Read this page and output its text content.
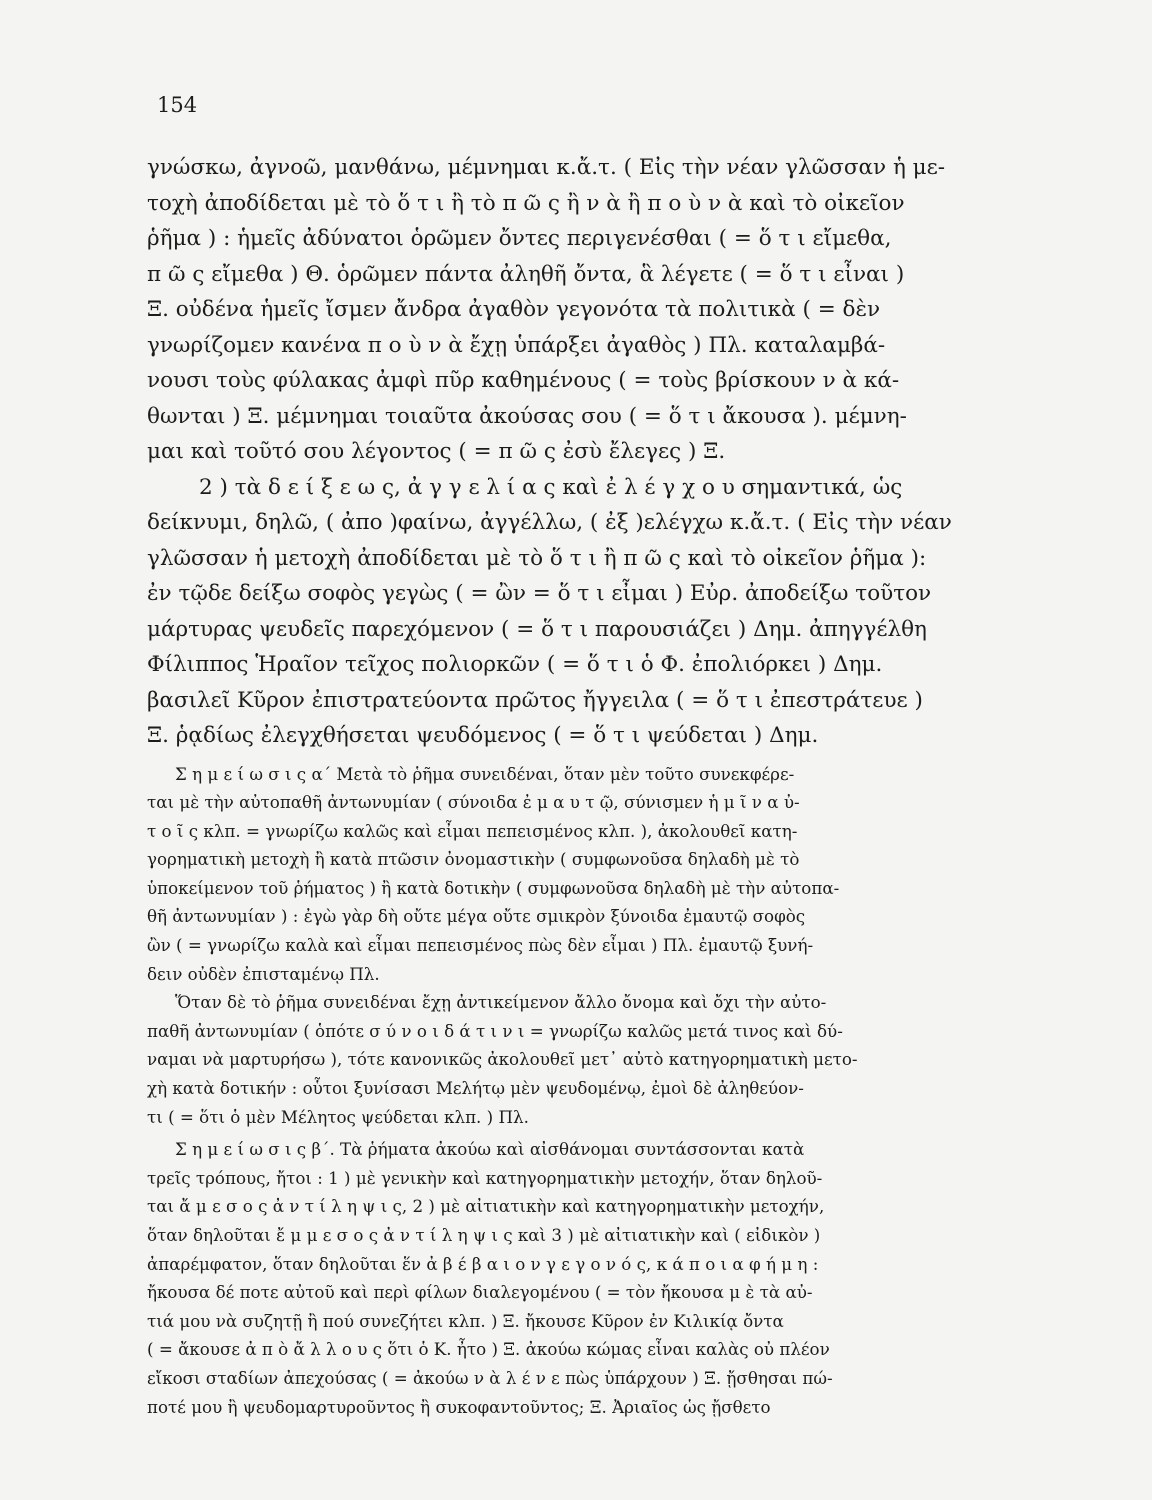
154
γνώσκω, ἀγνοῶ, μανθάνω, μέμνημαι κ.ἄ.τ. ( Εἰς τὴν νέαν γλῶσσαν ἡ με-
τοχὴ ἀποδίδεται μὲ τὸ ὅ τ ι ἢ τὸ π ῶ ς ἢ ν ὰ ἢ π ο ὺ ν ὰ καὶ τὸ οἰκεῖον
ῥῆμα ) : ἡμεῖς ἀδύνατοι ὁρῶμεν ὄντες περιγενέσθαι ( = ὅ τ ι εἴμεθα,
π ῶ ς εἴμεθα ) Θ. ὁρῶμεν πάντα ἀληθῆ ὄντα, ἃ λέγετε ( = ὅ τ ι εἶναι )
Ξ. οὐδένα ἡμεῖς ἴσμεν ἄνδρα ἀγαθὸν γεγονότα τὰ πολιτικὰ ( = δὲν
γνωρίζομεν κανένα π ο ὺ ν ὰ ἔχῃ ὑπάρξει ἀγαθὸς ) Πλ. καταλαμβά-
νουσι τοὺς φύλακας ἀμφὶ πῦρ καθημένους ( = τοὺς βρίσκουν ν ὰ κά-
θωνται ) Ξ. μέμνημαι τοιαῦτα ἀκούσας σου ( = ὅ τ ι ἄκουσα ). μέμνη-
μαι καὶ τοῦτό σου λέγοντος ( = π ῶ ς ἐσὺ ἔλεγες ) Ξ.
2 ) τὰ δ ε ί ξ ε ω ς, ἀ γ γ ε λ ί α ς καὶ ἐ λ έ γ χ ο υ σημαντικά, ὡς
δείκνυμι, δηλῶ, ( ἀπο )φαίνω, ἀγγέλλω, ( ἐξ )ελέγχω κ.ἄ.τ. ( Εἰς τὴν νέαν
γλῶσσαν ἡ μετοχὴ ἀποδίδεται μὲ τὸ ὅ τ ι ἢ π ῶ ς καὶ τὸ οἰκεῖον ῥῆμα ):
ἐν τῷδε δείξω σοφὸς γεγὼς ( = ὢν = ὅ τ ι εἶμαι ) Εὐρ. ἀποδείξω τοῦτον
μάρτυρας ψευδεῖς παρεχόμενον ( = ὅ τ ι παρουσιάζει ) Δημ. ἀπηγγέλθη
Φίλιππος Ἡραῖον τεῖχος πολιορκῶν ( = ὅ τ ι ὁ Φ. ἐπολιόρκει ) Δημ.
βασιλεῖ Κῦρον ἐπιστρατεύοντα πρῶτος ἤγγειλα ( = ὅ τ ι ἐπεστράτευε )
Ξ. ῥᾳδίως ἐλεγχθήσεται ψευδόμενος ( = ὅ τ ι ψεύδεται ) Δημ.
Σ η μ ε ί ω σ ι ς α΄ Μετὰ τὸ ῥῆμα συνειδέναι, ὅταν μὲν τοῦτο συνεκφέρε-
ται μὲ τὴν αὐτοπαθῆ ἀντωνυμίαν ( σύνοιδα ἐ μ α υ τ ῷ, σύνισμεν ἡ μ ῖ ν α ὐ-
τ ο ῖ ς κλπ. = γνωρίζω καλῶς καὶ εἶμαι πεπεισμένος κλπ. ), ἀκολουθεῖ κατη-
γορηματικὴ μετοχὴ ἢ κατὰ πτῶσιν ὀνομαστικὴν ( συμφωνοῦσα δηλαδὴ μὲ τὸ
ὑποκείμενον τοῦ ῥήματος ) ἢ κατὰ δοτικὴν ( συμφωνοῦσα δηλαδὴ μὲ τὴν αὐτοπα-
θῆ ἀντωνυμίαν ) : ἐγὼ γὰρ δὴ οὔτε μέγα οὔτε σμικρὸν ξύνοιδα ἐμαυτῷ σοφὸς
ὢν ( = γνωρίζω καλὰ καὶ εἶμαι πεπεισμένος πὼς δὲν εἶμαι ) Πλ. ἐμαυτῷ ξυνή-
δειν οὐδὲν ἐπισταμένῳ Πλ.
Ὅταν δὲ τὸ ῥῆμα συνειδέναι ἔχῃ ἀντικείμενον ἄλλο ὄνομα καὶ ὄχι τὴν αὐτο-
παθῆ ἀντωνυμίαν ( ὁπότε σ ύ ν ο ι δ ά τ ι ν ι = γνωρίζω καλῶς μετά τινος καὶ δύ-
ναμαι νὰ μαρτυρήσω ), τότε κανονικῶς ἀκολουθεῖ μετ᾽ αὐτὸ κατηγορηματικὴ μετο-
χὴ κατὰ δοτικήν : οὗτοι ξυνίσασι Μελήτῳ μὲν ψευδομένῳ, ἐμοὶ δὲ ἀληθεύον-
τι ( = ὅτι ὁ μὲν Μέλητος ψεύδεται κλπ. ) Πλ.
Σ η μ ε ί ω σ ι ς β΄. Τὰ ῥήματα ἀκούω καὶ αἰσθάνομαι συντάσσονται κατὰ
τρεῖς τρόπους, ἤτοι : 1 ) μὲ γενικὴν καὶ κατηγορηματικὴν μετοχήν, ὅταν δηλοῦ-
ται ἄ μ ε σ ο ς ἀ ν τ ί λ η ψ ι ς, 2 ) μὲ αἰτιατικὴν καὶ κατηγορηματικὴν μετοχήν,
ὅταν δηλοῦται ἔ μ μ ε σ ο ς ἀ ν τ ί λ η ψ ι ς καὶ 3 ) μὲ αἰτιατικὴν καὶ ( εἰδικὸν )
ἀπαρέμφατον, ὅταν δηλοῦται ἕν ἀ β έ β α ι ο ν γ ε γ ο ν ό ς, κ ά π ο ι α φ ή μ η :
ἤκουσα δέ ποτε αὐτοῦ καὶ περὶ φίλων διαλεγομένου ( = τὸν ἤκουσα μ ὲ τὰ αὐ-
τιά μου νὰ συζητῇ ἢ πού συνεζήτει κλπ. ) Ξ. ἤκουσε Κῦρον ἐν Κιλικίᾳ ὄντα
( = ἄκουσε ἀ π ὸ ἄ λ λ ο υ ς ὅτι ὁ Κ. ἦτο ) Ξ. ἀκούω κώμας εἶναι καλὰς οὐ πλέον
εἴκοσι σταδίων ἀπεχούσας ( = ἀκούω ν ὰ λ έ ν ε πὼς ὑπάρχουν ) Ξ. ᾔσθησαι πώ-
ποτέ μου ἢ ψευδομαρτυροῦντος ἢ συκοφαντοῦντος; Ξ. Ἀριαῖος ὡς ᾔσθετο
